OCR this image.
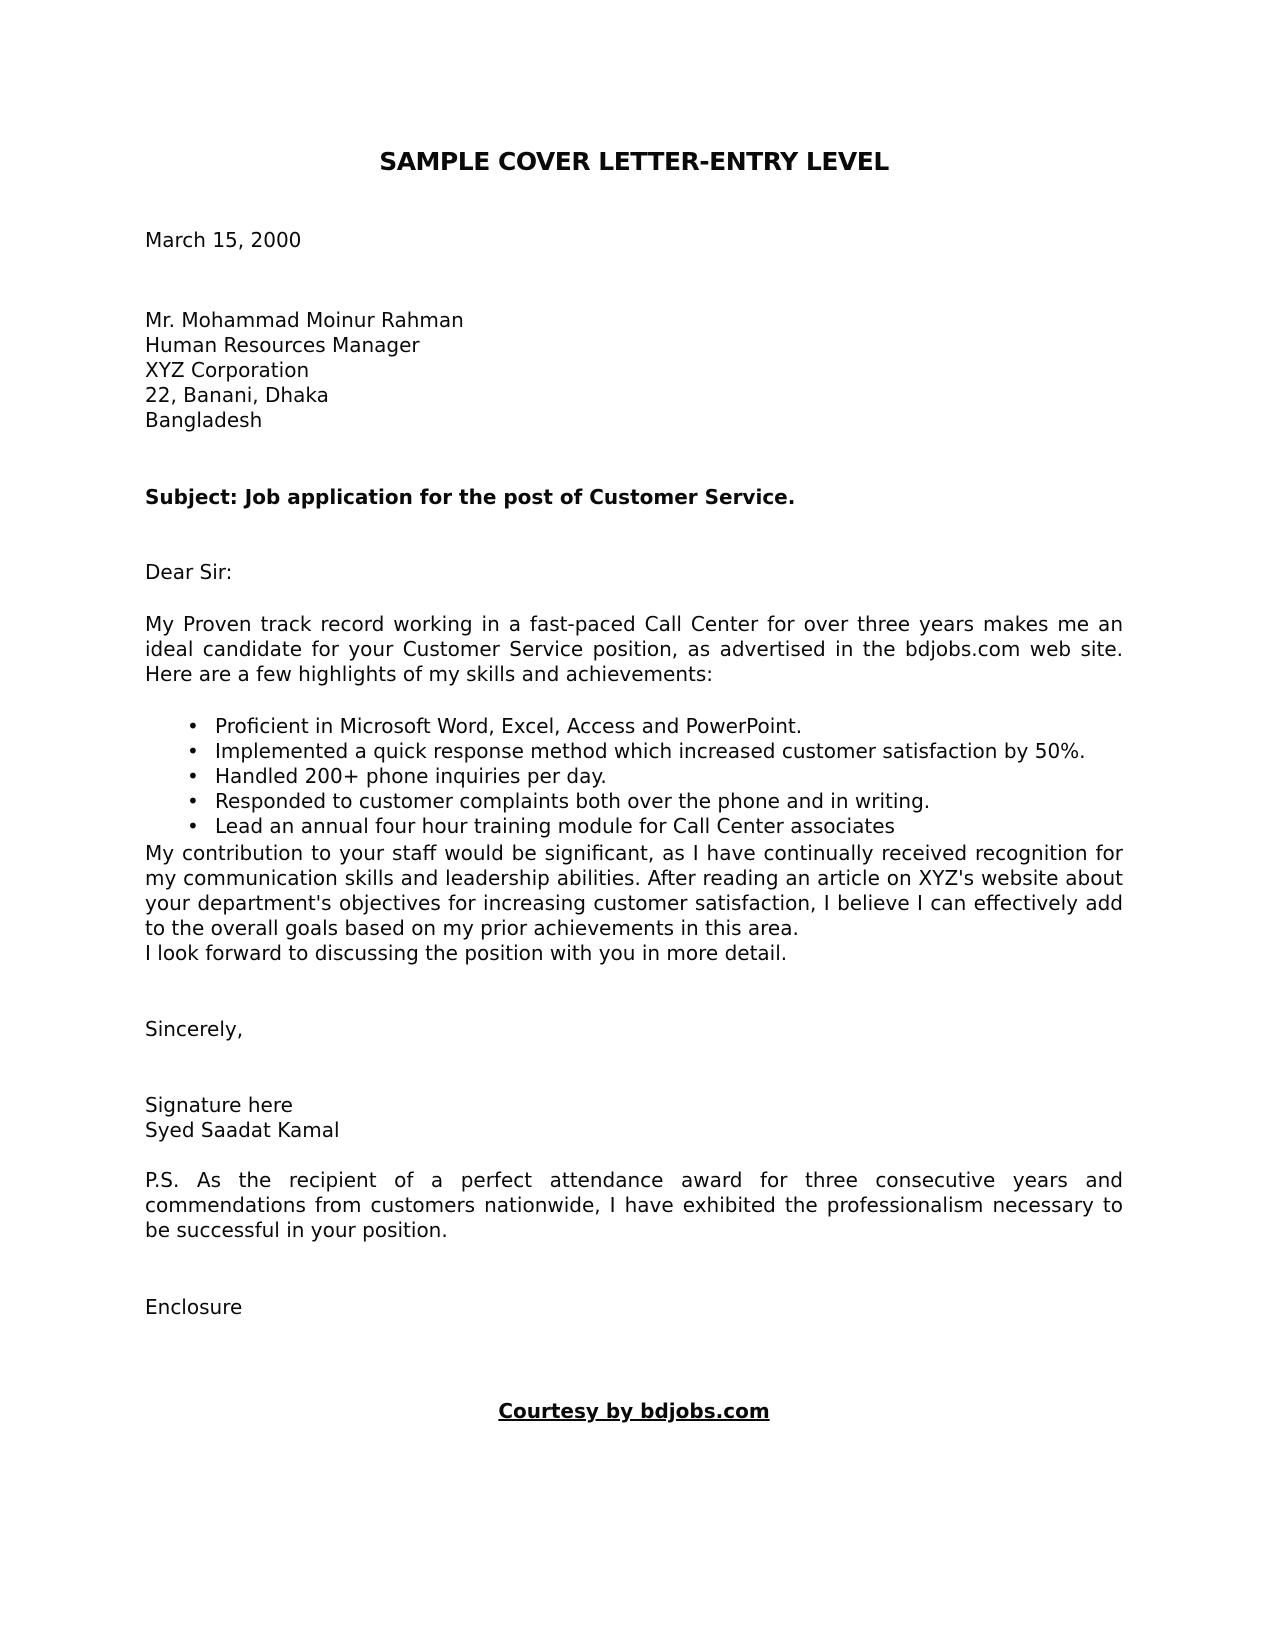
SAMPLE COVER LETTER-ENTRY LEVEL
March 15, 2000
Mr. Mohammad Moinur Rahman
Human Resources Manager
XYZ Corporation
22, Banani, Dhaka
Bangladesh
Subject: Job application for the post of Customer Service.
Dear Sir:
My Proven track record working in a fast-paced Call Center for over three years makes me an ideal candidate for your Customer Service position, as advertised in the bdjobs.com web site. Here are a few highlights of my skills and achievements:
• Proficient in Microsoft Word, Excel, Access and PowerPoint.
• Implemented a quick response method which increased customer satisfaction by 50%.
• Handled 200+ phone inquiries per day.
• Responded to customer complaints both over the phone and in writing.
• Lead an annual four hour training module for Call Center associates
My contribution to your staff would be significant, as I have continually received recognition for my communication skills and leadership abilities. After reading an article on XYZ's website about your department's objectives for increasing customer satisfaction, I believe I can effectively add to the overall goals based on my prior achievements in this area.
I look forward to discussing the position with you in more detail.
Sincerely,
Signature here
Syed Saadat Kamal
P.S. As the recipient of a perfect attendance award for three consecutive years and commendations from customers nationwide, I have exhibited the professionalism necessary to be successful in your position.
Enclosure
Courtesy by bdjobs.com
